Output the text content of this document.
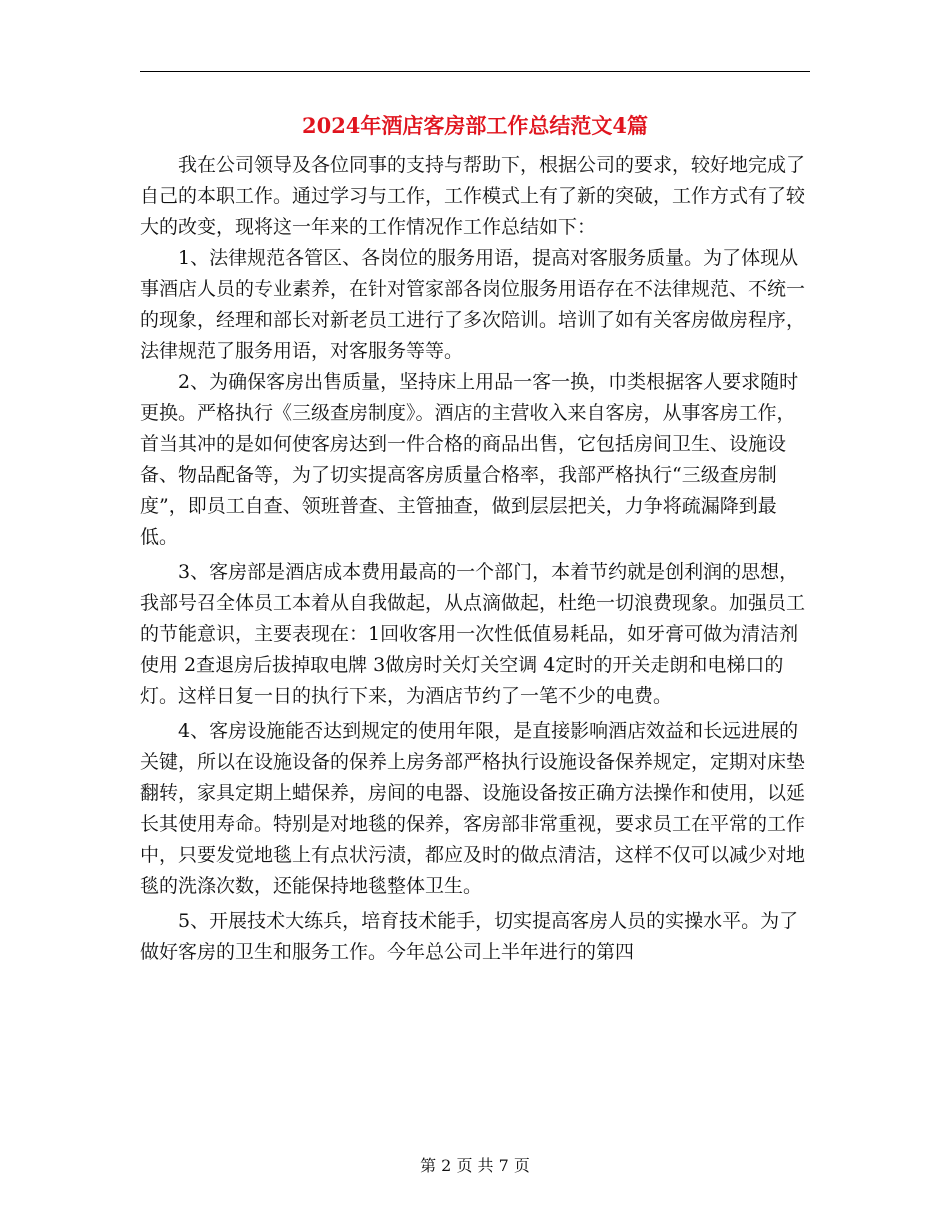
2024年酒店客房部工作总结范文4篇

我在公司领导及各位同事的支持与帮助下，根据公司的要求，较好地完成了自己的本职工作。通过学习与工作，工作模式上有了新的突破，工作方式有了较大的改变，现将这一年来的工作情况作工作总结如下：

1、法律规范各管区、各岗位的服务用语，提高对客服务质量。为了体现从事酒店人员的专业素养，在针对管家部各岗位服务用语存在不法律规范、不统一的现象，经理和部长对新老员工进行了多次陪训。培训了如有关客房做房程序，法律规范了服务用语，对客服务等等。

2、为确保客房出售质量，坚持床上用品一客一换，巾类根据客人要求随时更换。严格执行《三级查房制度》。酒店的主营收入来自客房，从事客房工作，首当其冲的是如何使客房达到一件合格的商品出售，它包括房间卫生、设施设备、物品配备等，为了切实提高客房质量合格率，我部严格执行“三级查房制度”，即员工自查、领班普查、主管抽查，做到层层把关，力争将疏漏降到最低。

3、客房部是酒店成本费用最高的一个部门，本着节约就是创利润的思想，我部号召全体员工本着从自我做起，从点滴做起，杜绝一切浪费现象。加强员工的节能意识，主要表现在：1回收客用一次性低值易耗品，如牙膏可做为清洁剂使用 2查退房后拔掉取电牌 3做房时关灯关空调 4定时的开关走朗和电梯口的灯。这样日复一日的执行下来，为酒店节约了一笔不少的电费。

4、客房设施能否达到规定的使用年限，是直接影响酒店效益和长远进展的关键，所以在设施设备的保养上房务部严格执行设施设备保养规定，定期对床垫翻转，家具定期上蜡保养，房间的电器、设施设备按正确方法操作和使用，以延长其使用寿命。特别是对地毯的保养，客房部非常重视，要求员工在平常的工作中，只要发觉地毯上有点状污渍，都应及时的做点清洁，这样不仅可以减少对地毯的洗涤次数，还能保持地毯整体卫生。

5、开展技术大练兵，培育技术能手，切实提高客房人员的实操水平。为了做好客房的卫生和服务工作。今年总公司上半年进行的第四

第 2 页 共 7 页
